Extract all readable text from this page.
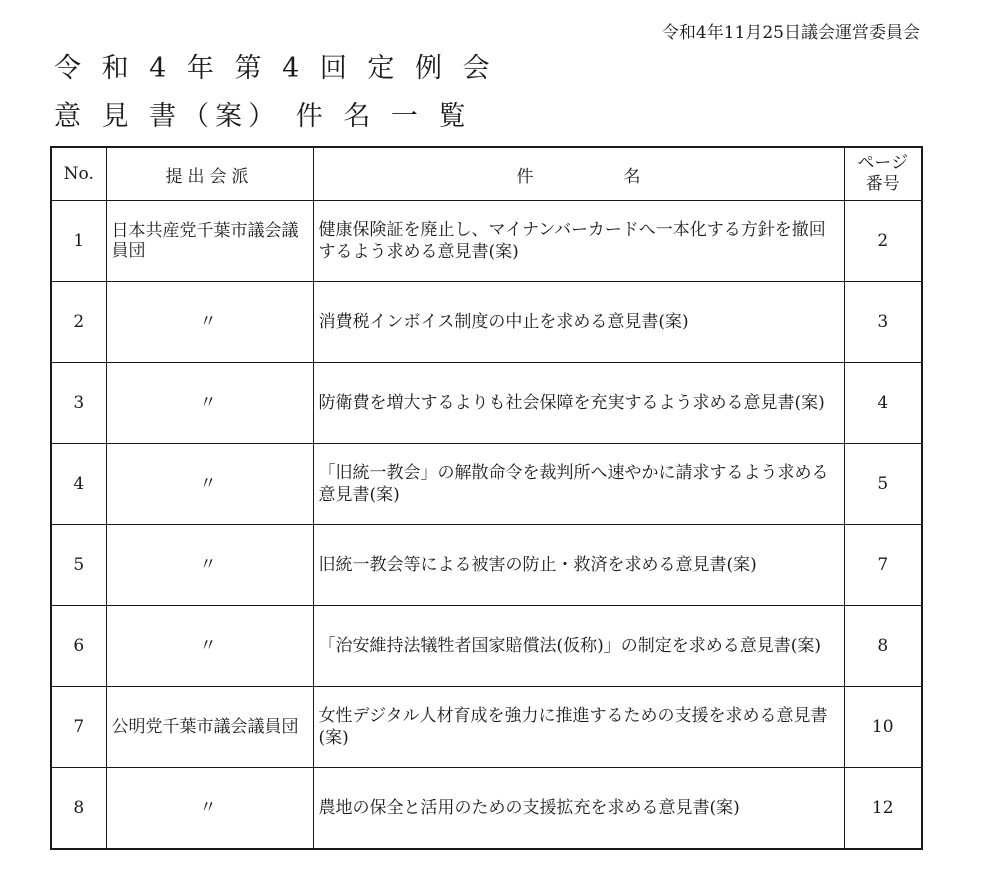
令和4年11月25日議会運営委員会
令 和 4 年 第 4 回 定 例 会
意 見 書（案） 件 名 一 覧
No.	提出会派	件 名	ページ
番号

1	日本共産党千葉市議会議員団	健康保険証を廃止し、マイナンバーカードへ一本化する方針を撤回するよう求める意見書(案)	2
2	〃	消費税インボイス制度の中止を求める意見書(案)	3
3	〃	防衛費を増大するよりも社会保障を充実するよう求める意見書(案)	4
4	〃	「旧統一教会」の解散命令を裁判所へ速やかに請求するよう求める意見書(案)	5
5	〃	旧統一教会等による被害の防止・救済を求める意見書(案)	7
6	〃	「治安維持法犠牲者国家賠償法(仮称)」の制定を求める意見書(案)	8
7	公明党千葉市議会議員団	女性デジタル人材育成を強力に推進するための支援を求める意見書(案)	10
8	〃	農地の保全と活用のための支援拡充を求める意見書(案)	12
